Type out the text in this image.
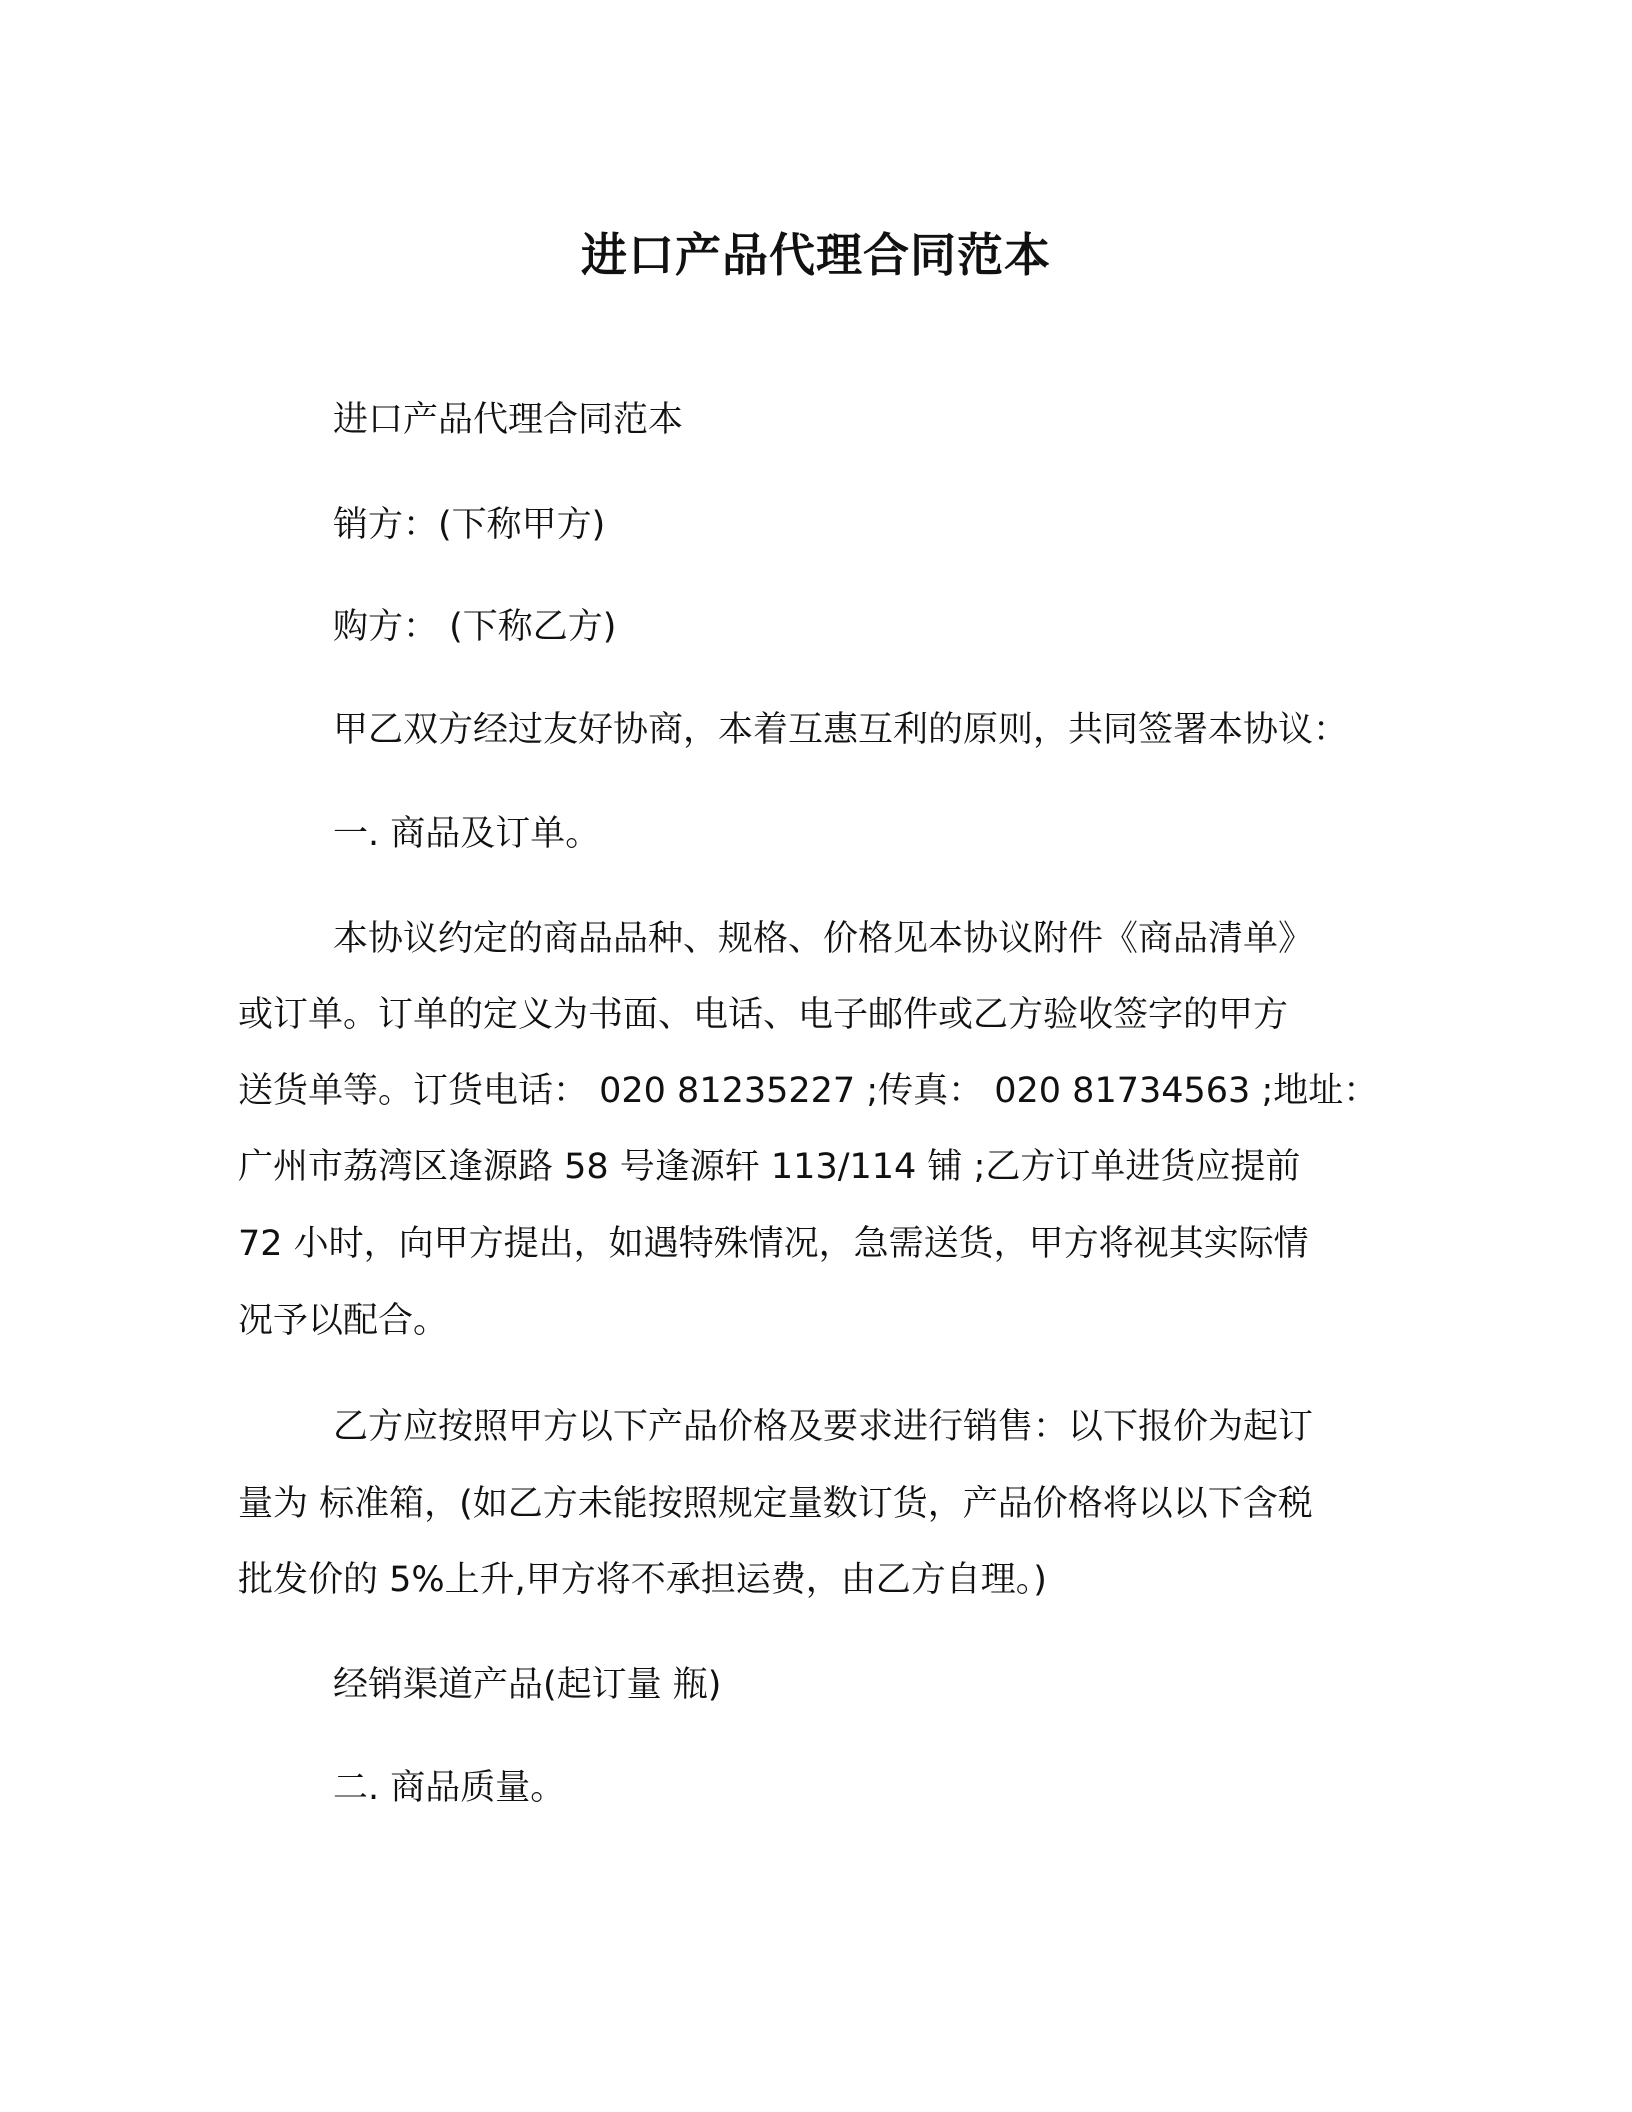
进口产品代理合同范本
进口产品代理合同范本
销方：(下称甲方)
购方： (下称乙方)
甲乙双方经过友好协商，本着互惠互利的原则，共同签署本协议：
一. 商品及订单。
本协议约定的商品品种、规格、价格见本协议附件《商品清单》
或订单。订单的定义为书面、电话、电子邮件或乙方验收签字的甲方
送货单等。订货电话： 020 81235227 ;传真： 020 81734563 ;地址：
广州市荔湾区逢源路 58 号逢源轩 113/114 铺 ;乙方订单进货应提前
72 小时，向甲方提出，如遇特殊情况，急需送货，甲方将视其实际情
况予以配合。
乙方应按照甲方以下产品价格及要求进行销售：以下报价为起订
量为 标准箱，(如乙方未能按照规定量数订货，产品价格将以以下含税
批发价的 5%上升,甲方将不承担运费，由乙方自理。)
经销渠道产品(起订量 瓶)
二. 商品质量。
